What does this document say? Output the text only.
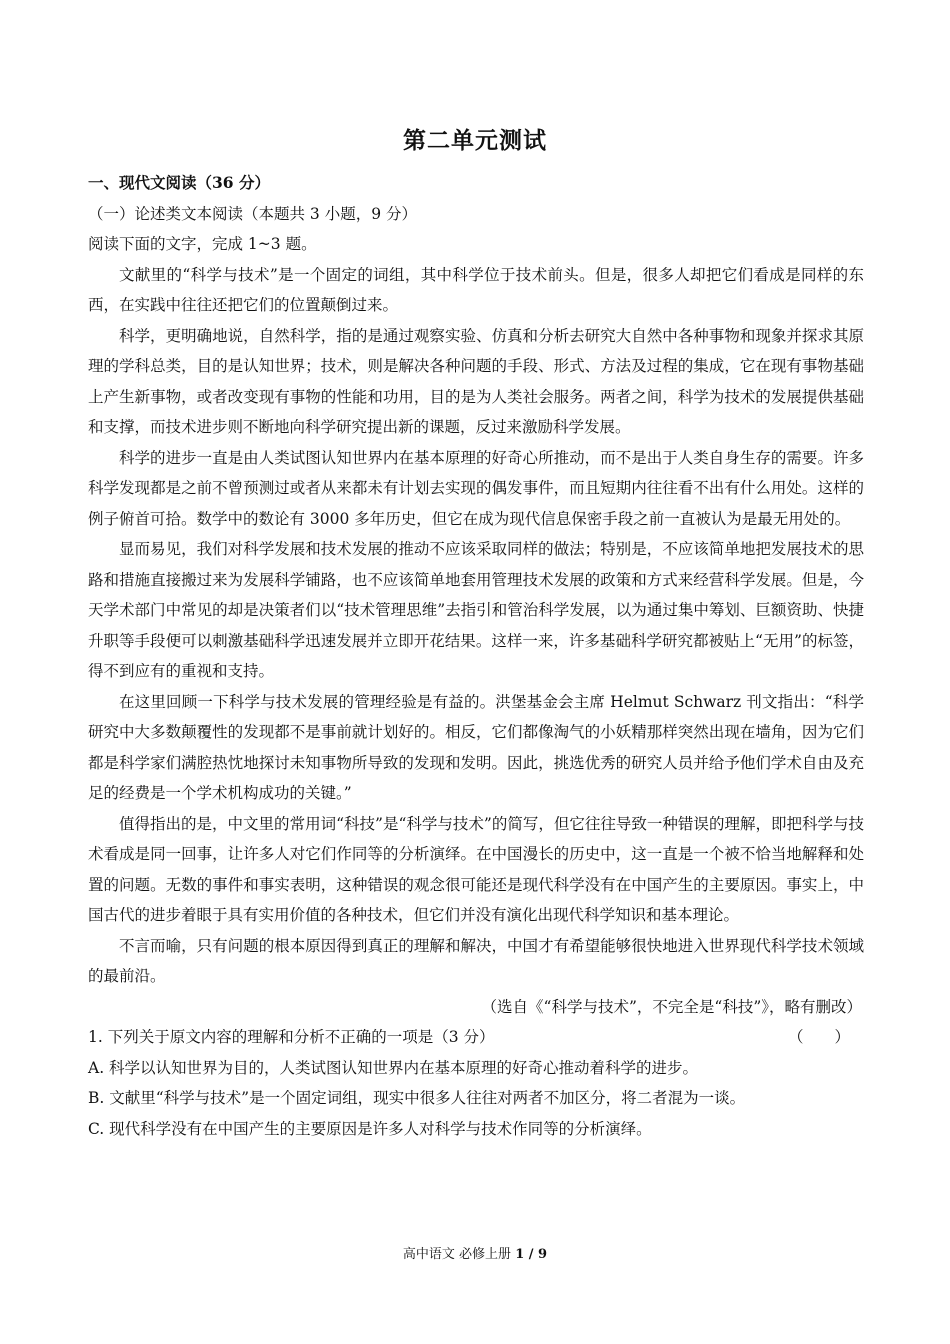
第二单元测试

一、现代文阅读（36 分）

（一）论述类文本阅读（本题共 3 小题，9 分）

阅读下面的文字，完成 1~3 题。

文献里的“科学与技术”是一个固定的词组，其中科学位于技术前头。但是，很多人却把它们看成是同样的东西，在实践中往往还把它们的位置颠倒过来。

科学，更明确地说，自然科学，指的是通过观察实验、仿真和分析去研究大自然中各种事物和现象并探求其原理的学科总类，目的是认知世界；技术，则是解决各种问题的手段、形式、方法及过程的集成，它在现有事物基础上产生新事物，或者改变现有事物的性能和功用，目的是为人类社会服务。两者之间，科学为技术的发展提供基础和支撑，而技术进步则不断地向科学研究提出新的课题，反过来激励科学发展。

科学的进步一直是由人类试图认知世界内在基本原理的好奇心所推动，而不是出于人类自身生存的需要。许多科学发现都是之前不曾预测过或者从来都未有计划去实现的偶发事件，而且短期内往往看不出有什么用处。这样的例子俯首可拾。数学中的数论有 3000 多年历史，但它在成为现代信息保密手段之前一直被认为是最无用处的。

显而易见，我们对科学发展和技术发展的推动不应该采取同样的做法；特别是，不应该简单地把发展技术的思路和措施直接搬过来为发展科学铺路，也不应该简单地套用管理技术发展的政策和方式来经营科学发展。但是，今天学术部门中常见的却是决策者们以“技术管理思维”去指引和管治科学发展，以为通过集中筹划、巨额资助、快捷升职等手段便可以刺激基础科学迅速发展并立即开花结果。这样一来，许多基础科学研究都被贴上“无用”的标签，得不到应有的重视和支持。

在这里回顾一下科学与技术发展的管理经验是有益的。洪堡基金会主席 Helmut Schwarz 刊文指出：“科学研究中大多数颠覆性的发现都不是事前就计划好的。相反，它们都像淘气的小妖精那样突然出现在墙角，因为它们都是科学家们满腔热忱地探讨未知事物所导致的发现和发明。因此，挑选优秀的研究人员并给予他们学术自由及充足的经费是一个学术机构成功的关键。”

值得指出的是，中文里的常用词“科技”是“科学与技术”的简写，但它往往导致一种错误的理解，即把科学与技术看成是同一回事，让许多人对它们作同等的分析演绎。在中国漫长的历史中，这一直是一个被不恰当地解释和处置的问题。无数的事件和事实表明，这种错误的观念很可能还是现代科学没有在中国产生的主要原因。事实上，中国古代的进步着眼于具有实用价值的各种技术，但它们并没有演化出现代科学知识和基本理论。

不言而喻，只有问题的根本原因得到真正的理解和解决，中国才有希望能够很快地进入世界现代科学技术领域的最前沿。

（选自《“科学与技术”，不完全是“科技”》，略有删改）

1. 下列关于原文内容的理解和分析不正确的一项是（3 分）	（　　）

A. 科学以认知世界为目的，人类试图认知世界内在基本原理的好奇心推动着科学的进步。

B. 文献里“科学与技术”是一个固定词组，现实中很多人往往对两者不加区分，将二者混为一谈。

C. 现代科学没有在中国产生的主要原因是许多人对科学与技术作同等的分析演绎。

高中语文 必修上册 1 / 9
